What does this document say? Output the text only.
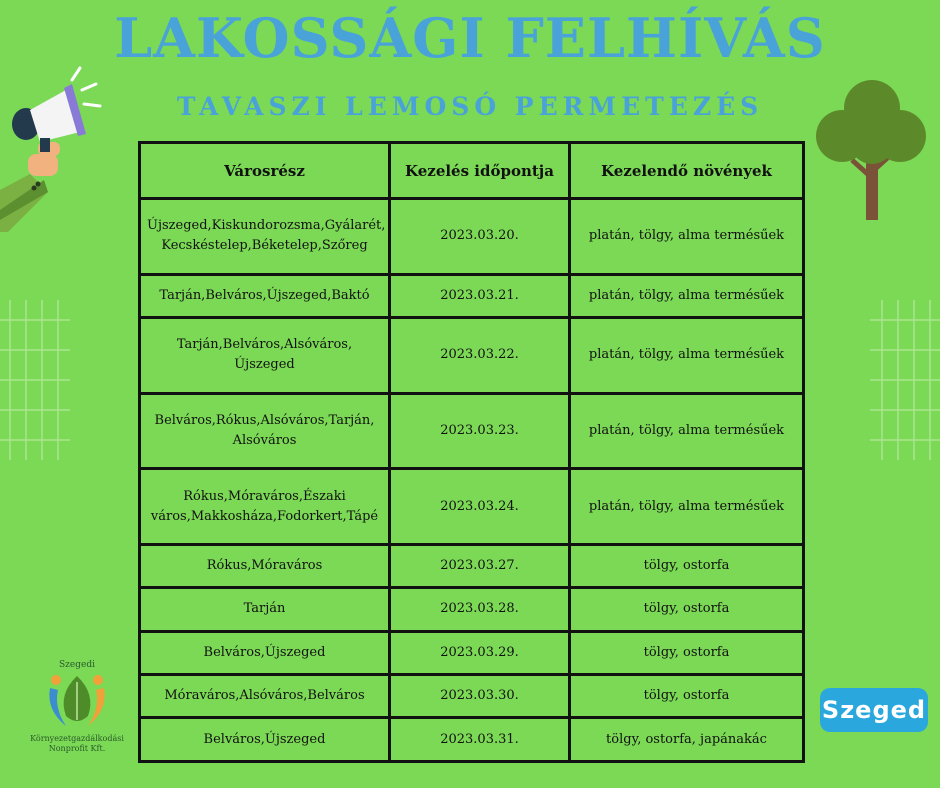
LAKOSSÁGI FELHÍVÁS
TAVASZI LEMOSÓ PERMETEZÉS
Városrész	Kezelés időpontja	Kezelendő növények
Újszeged,Kiskundorozsma,Gyálarét, Kecskéstelep,Béketelep,Szőreg	2023.03.20.	platán, tölgy, alma termésűek
Tarján,Belváros,Újszeged,Baktó	2023.03.21.	platán, tölgy, alma termésűek
Tarján,Belváros,Alsóváros, Újszeged	2023.03.22.	platán, tölgy, alma termésűek
Belváros,Rókus,Alsóváros,Tarján, Alsóváros	2023.03.23.	platán, tölgy, alma termésűek
Rókus,Móraváros,Északi város,Makkosháza,Fodorkert,Tápé	2023.03.24.	platán, tölgy, alma termésűek
Rókus,Móraváros	2023.03.27.	tölgy, ostorfa
Tarján	2023.03.28.	tölgy, ostorfa
Belváros,Újszeged	2023.03.29.	tölgy, ostorfa
Móraváros,Alsóváros,Belváros	2023.03.30.	tölgy, ostorfa
Belváros,Újszeged	2023.03.31.	tölgy, ostorfa, japánakác
Szegedi
Környezetgazdálkodási
Nonprofit Kft.
Szeged
